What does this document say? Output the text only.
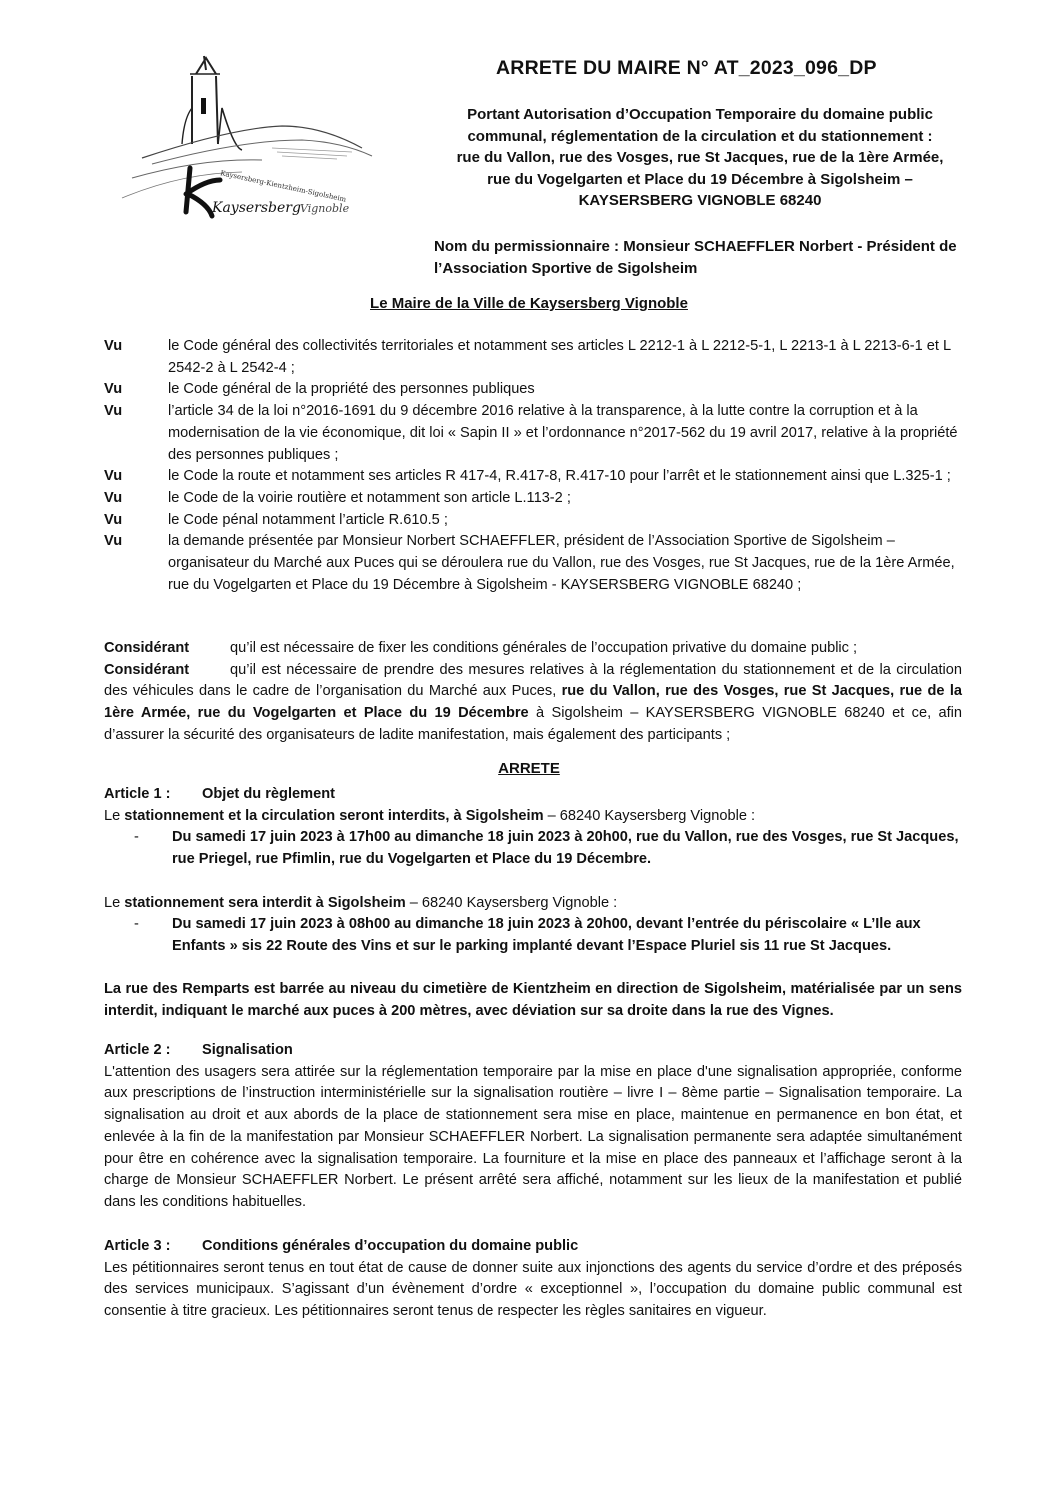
Kaysersberg-Kientzheim-Sigolsheim
Kaysersberg Vignoble
ARRETE DU MAIRE N° AT_2023_096_DP
Portant Autorisation d’Occupation Temporaire du domaine public
communal, réglementation de la circulation et du stationnement :
rue du Vallon, rue des Vosges, rue St Jacques, rue de la 1ère Armée,
rue du Vogelgarten et Place du 19 Décembre à Sigolsheim –
KAYSERSBERG VIGNOBLE 68240
Nom du permissionnaire : Monsieur SCHAEFFLER Norbert - Président de
l’Association Sportive de Sigolsheim
Le Maire de la Ville de Kaysersberg Vignoble
Vu	le Code général des collectivités territoriales et notamment ses articles L 2212-1 à L 2212-5-1, L 2213-1 à L 2213-6-1 et L 2542-2 à L 2542-4 ;
Vu	le Code général de la propriété des personnes publiques
Vu	l’article 34 de la loi n°2016-1691 du 9 décembre 2016 relative à la transparence, à la lutte contre la corruption et à la modernisation de la vie économique, dit loi « Sapin II » et l’ordonnance n°2017-562 du 19 avril 2017, relative à la propriété des personnes publiques ;
Vu	le Code la route et notamment ses articles R 417-4, R.417-8, R.417-10 pour l’arrêt et le stationnement ainsi que L.325-1 ;
Vu	le Code de la voirie routière et notamment son article L.113-2 ;
Vu	le Code pénal notamment l’article R.610.5 ;
Vu	la demande présentée par Monsieur Norbert SCHAEFFLER, président de l’Association Sportive de Sigolsheim – organisateur du Marché aux Puces qui se déroulera rue du Vallon, rue des Vosges, rue St Jacques, rue de la 1ère Armée, rue du Vogelgarten et Place du 19 Décembre à Sigolsheim - KAYSERSBERG VIGNOBLE 68240 ;
Considérant	qu’il est nécessaire de fixer les conditions générales de l’occupation privative du domaine public ;
Considérant	qu’il est nécessaire de prendre des mesures relatives à la réglementation du stationnement et de la circulation des véhicules dans le cadre de l’organisation du Marché aux Puces, rue du Vallon, rue des Vosges, rue St Jacques, rue de la 1ère Armée, rue du Vogelgarten et Place du 19 Décembre à Sigolsheim – KAYSERSBERG VIGNOBLE 68240 et ce, afin d’assurer la sécurité des organisateurs de ladite manifestation, mais également des participants ;
ARRETE
Article 1 : Objet du règlement
Le stationnement et la circulation seront interdits, à Sigolsheim – 68240 Kaysersberg Vignoble :
-	Du samedi 17 juin 2023 à 17h00 au dimanche 18 juin 2023 à 20h00, rue du Vallon, rue des Vosges, rue St Jacques, rue Priegel, rue Pfimlin, rue du Vogelgarten et Place du 19 Décembre.
Le stationnement sera interdit à Sigolsheim – 68240 Kaysersberg Vignoble :
-	Du samedi 17 juin 2023 à 08h00 au dimanche 18 juin 2023 à 20h00, devant l’entrée du périscolaire « L’Ile aux Enfants » sis 22 Route des Vins et sur le parking implanté devant l’Espace Pluriel sis 11 rue St Jacques.
La rue des Remparts est barrée au niveau du cimetière de Kientzheim en direction de Sigolsheim, matérialisée par un sens interdit, indiquant le marché aux puces à 200 mètres, avec déviation sur sa droite dans la rue des Vignes.
Article 2 : Signalisation
L'attention des usagers sera attirée sur la réglementation temporaire par la mise en place d'une signalisation appropriée, conforme aux prescriptions de l’instruction interministérielle sur la signalisation routière – livre I – 8ème partie – Signalisation temporaire. La signalisation au droit et aux abords de la place de stationnement sera mise en place, maintenue en permanence en bon état, et enlevée à la fin de la manifestation par Monsieur SCHAEFFLER Norbert. La signalisation permanente sera adaptée simultanément pour être en cohérence avec la signalisation temporaire. La fourniture et la mise en place des panneaux et l’affichage seront à la charge de Monsieur SCHAEFFLER Norbert. Le présent arrêté sera affiché, notamment sur les lieux de la manifestation et publié dans les conditions habituelles.
Article 3 : Conditions générales d’occupation du domaine public
Les pétitionnaires seront tenus en tout état de cause de donner suite aux injonctions des agents du service d’ordre et des préposés des services municipaux. S’agissant d’un évènement d’ordre « exceptionnel », l’occupation du domaine public communal est consentie à titre gracieux. Les pétitionnaires seront tenus de respecter les règles sanitaires en vigueur.
